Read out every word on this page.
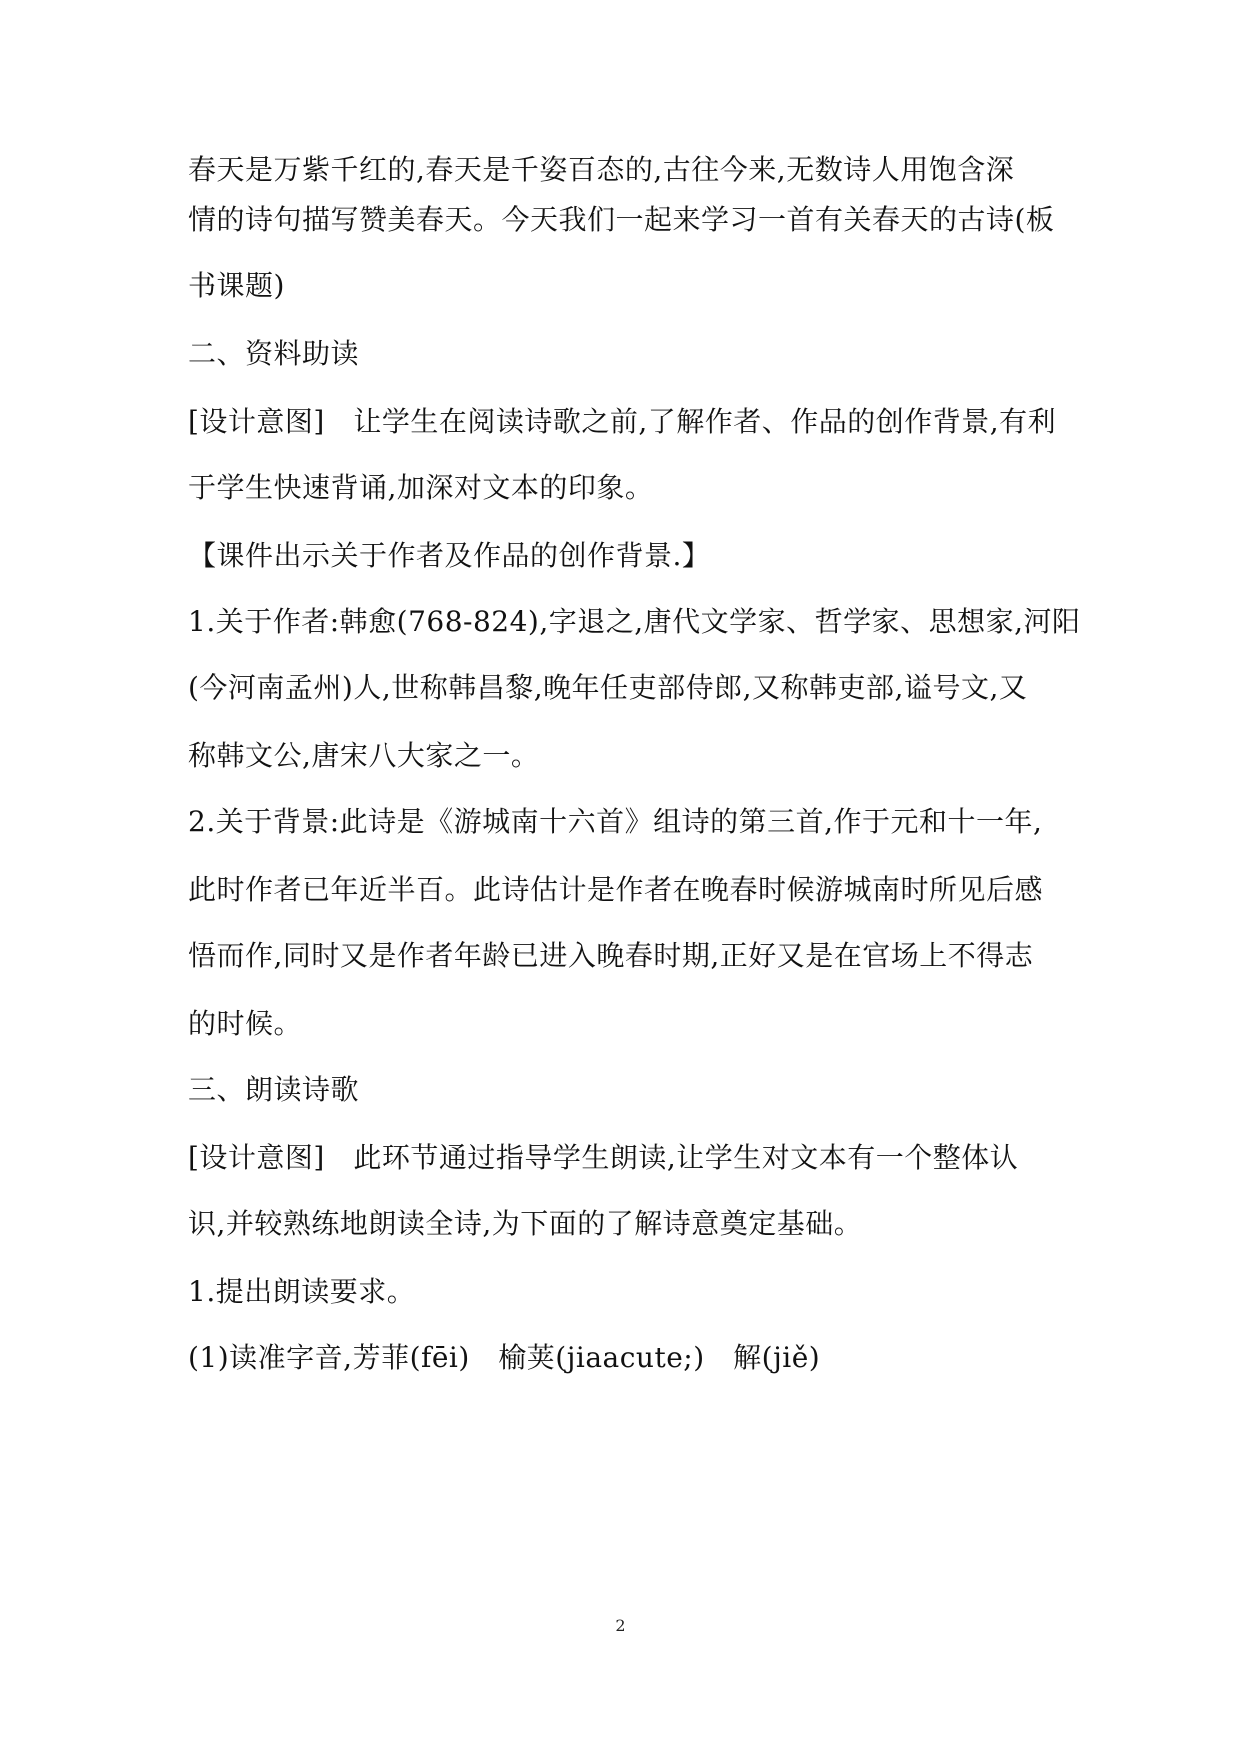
春天是万紫千红的,春天是千姿百态的,古往今来,无数诗人用饱含深
情的诗句描写赞美春天。今天我们一起来学习一首有关春天的古诗(板
书课题)
二、资料助读
[设计意图]　让学生在阅读诗歌之前,了解作者、作品的创作背景,有利
于学生快速背诵,加深对文本的印象。
【课件出示关于作者及作品的创作背景.】
1.关于作者:韩愈(768-824),字退之,唐代文学家、哲学家、思想家,河阳
(今河南孟州)人,世称韩昌黎,晚年任吏部侍郎,又称韩吏部,谥号文,又
称韩文公,唐宋八大家之一。
2.关于背景:此诗是《游城南十六首》组诗的第三首,作于元和十一年,
此时作者已年近半百。此诗估计是作者在晚春时候游城南时所见后感
悟而作,同时又是作者年龄已进入晚春时期,正好又是在官场上不得志
的时候。
三、朗读诗歌
[设计意图]　此环节通过指导学生朗读,让学生对文本有一个整体认
识,并较熟练地朗读全诗,为下面的了解诗意奠定基础。
1.提出朗读要求。
(1)读准字音,芳菲(fēi)　榆荚(jiaacute;)　解(jiě)
2
